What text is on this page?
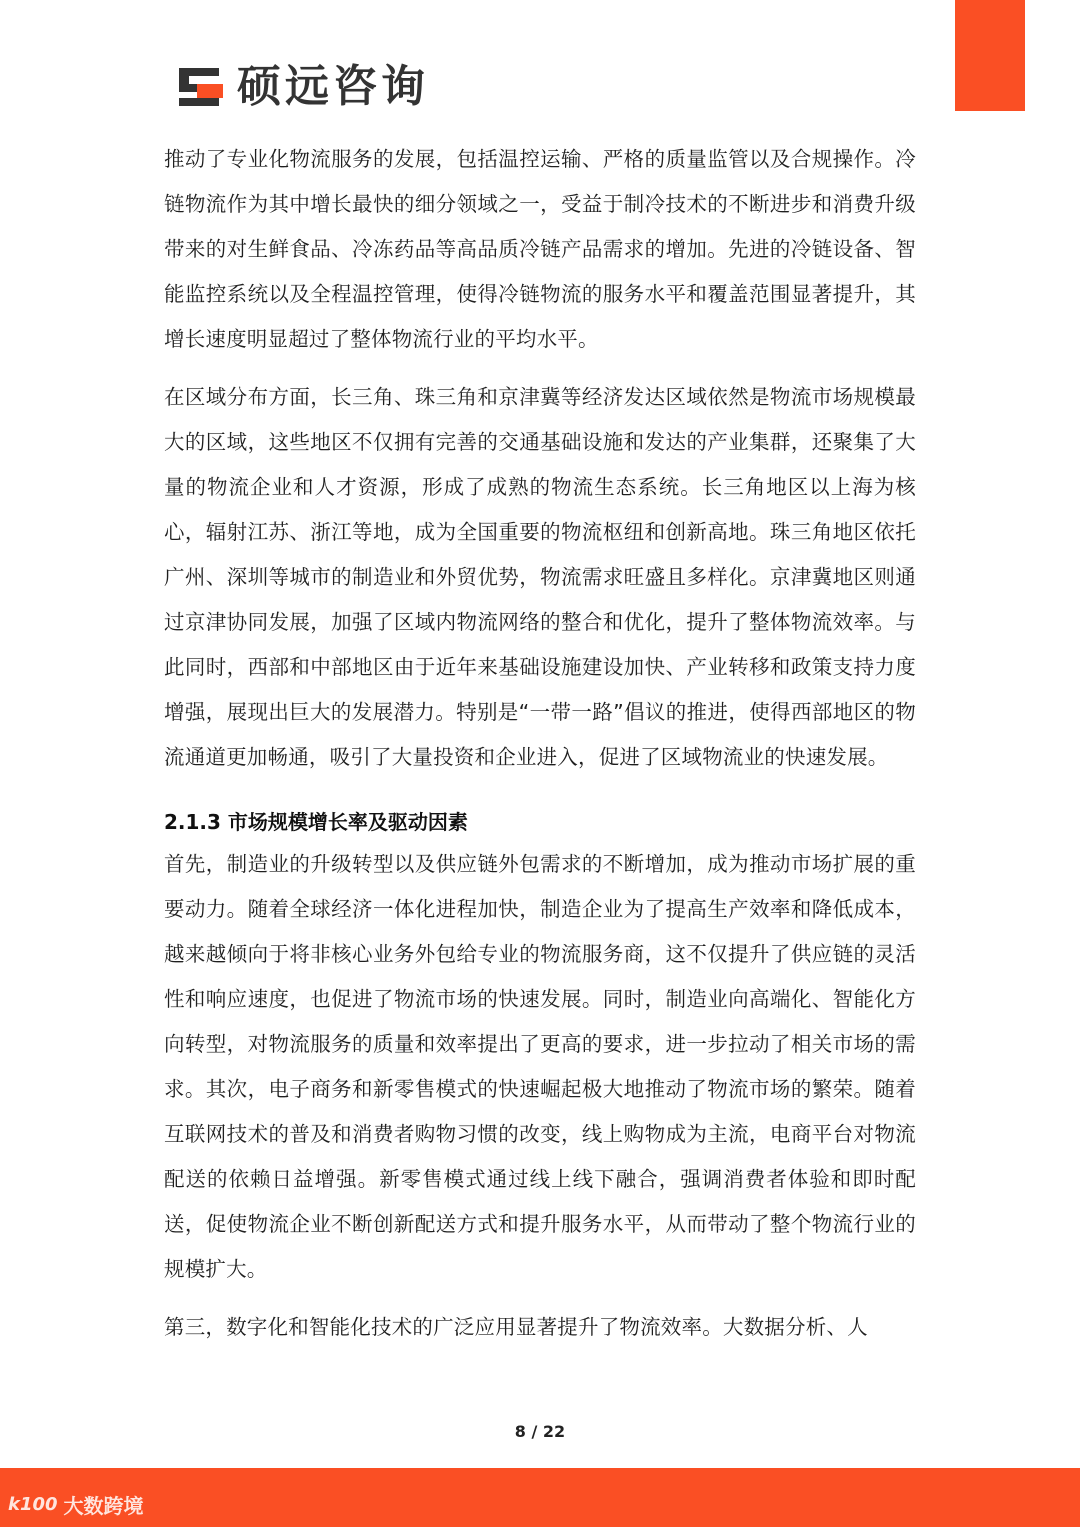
硕远咨询

推动了专业化物流服务的发展，包括温控运输、严格的质量监管以及合规操作。冷链物流作为其中增长最快的细分领域之一，受益于制冷技术的不断进步和消费升级带来的对生鲜食品、冷冻药品等高品质冷链产品需求的增加。先进的冷链设备、智能监控系统以及全程温控管理，使得冷链物流的服务水平和覆盖范围显著提升，其增长速度明显超过了整体物流行业的平均水平。

在区域分布方面，长三角、珠三角和京津冀等经济发达区域依然是物流市场规模最大的区域，这些地区不仅拥有完善的交通基础设施和发达的产业集群，还聚集了大量的物流企业和人才资源，形成了成熟的物流生态系统。长三角地区以上海为核心，辐射江苏、浙江等地，成为全国重要的物流枢纽和创新高地。珠三角地区依托广州、深圳等城市的制造业和外贸优势，物流需求旺盛且多样化。京津冀地区则通过京津协同发展，加强了区域内物流网络的整合和优化，提升了整体物流效率。与此同时，西部和中部地区由于近年来基础设施建设加快、产业转移和政策支持力度增强，展现出巨大的发展潜力。特别是“一带一路”倡议的推进，使得西部地区的物流通道更加畅通，吸引了大量投资和企业进入，促进了区域物流业的快速发展。

2.1.3 市场规模增长率及驱动因素

首先，制造业的升级转型以及供应链外包需求的不断增加，成为推动市场扩展的重要动力。随着全球经济一体化进程加快，制造企业为了提高生产效率和降低成本，越来越倾向于将非核心业务外包给专业的物流服务商，这不仅提升了供应链的灵活性和响应速度，也促进了物流市场的快速发展。同时，制造业向高端化、智能化方向转型，对物流服务的质量和效率提出了更高的要求，进一步拉动了相关市场的需求。其次，电子商务和新零售模式的快速崛起极大地推动了物流市场的繁荣。随着互联网技术的普及和消费者购物习惯的改变，线上购物成为主流，电商平台对物流配送的依赖日益增强。新零售模式通过线上线下融合，强调消费者体验和即时配送，促使物流企业不断创新配送方式和提升服务水平，从而带动了整个物流行业的规模扩大。

第三，数字化和智能化技术的广泛应用显著提升了物流效率。大数据分析、人

8 / 22
k100 大数跨境
